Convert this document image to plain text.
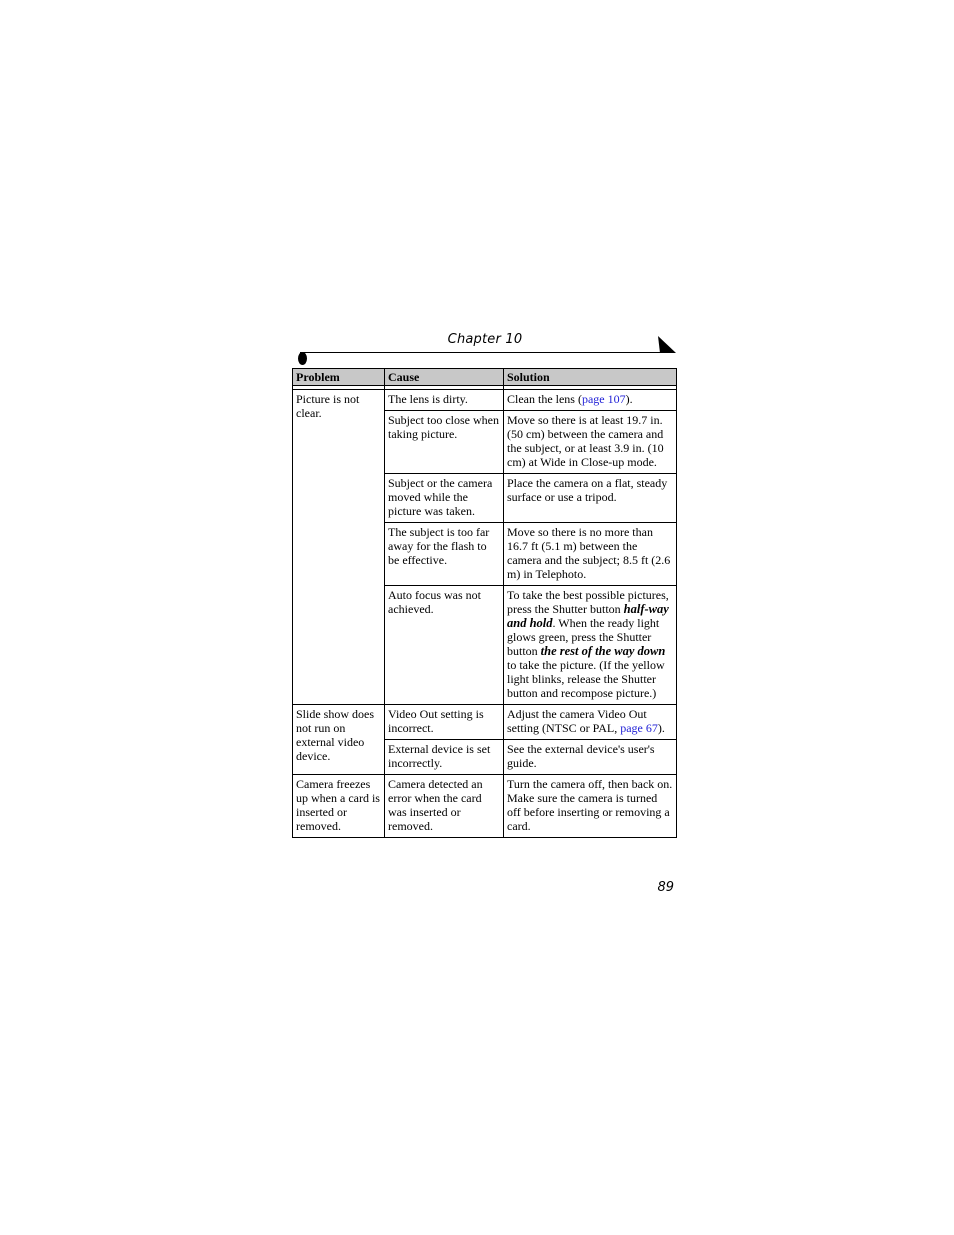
Chapter 10
Problem	Cause	Solution

Picture is not clear.	The lens is dirty.	Clean the lens (page 107).
	Subject too close when taking picture.	Move so there is at least 19.7 in. (50 cm) between the camera and the subject, or at least 3.9 in. (10 cm) at Wide in Close-up mode.
	Subject or the camera moved while the picture was taken.	Place the camera on a flat, steady surface or use a tripod.
	The subject is too far away for the flash to be effective.	Move so there is no more than 16.7 ft (5.1 m) between the camera and the subject; 8.5 ft (2.6 m) in Telephoto.
	Auto focus was not achieved.	To take the best possible pictures, press the Shutter button half-way and hold. When the ready light glows green, press the Shutter button the rest of the way down to take the picture. (If the yellow light blinks, release the Shutter button and recompose picture.)
Slide show does not run on external video device.	Video Out setting is incorrect.	Adjust the camera Video Out setting (NTSC or PAL, page 67).
	External device is set incorrectly.	See the external device's user's guide.
Camera freezes up when a card is inserted or removed.	Camera detected an error when the card was inserted or removed.	Turn the camera off, then back on. Make sure the camera is turned off before inserting or removing a card.
89
